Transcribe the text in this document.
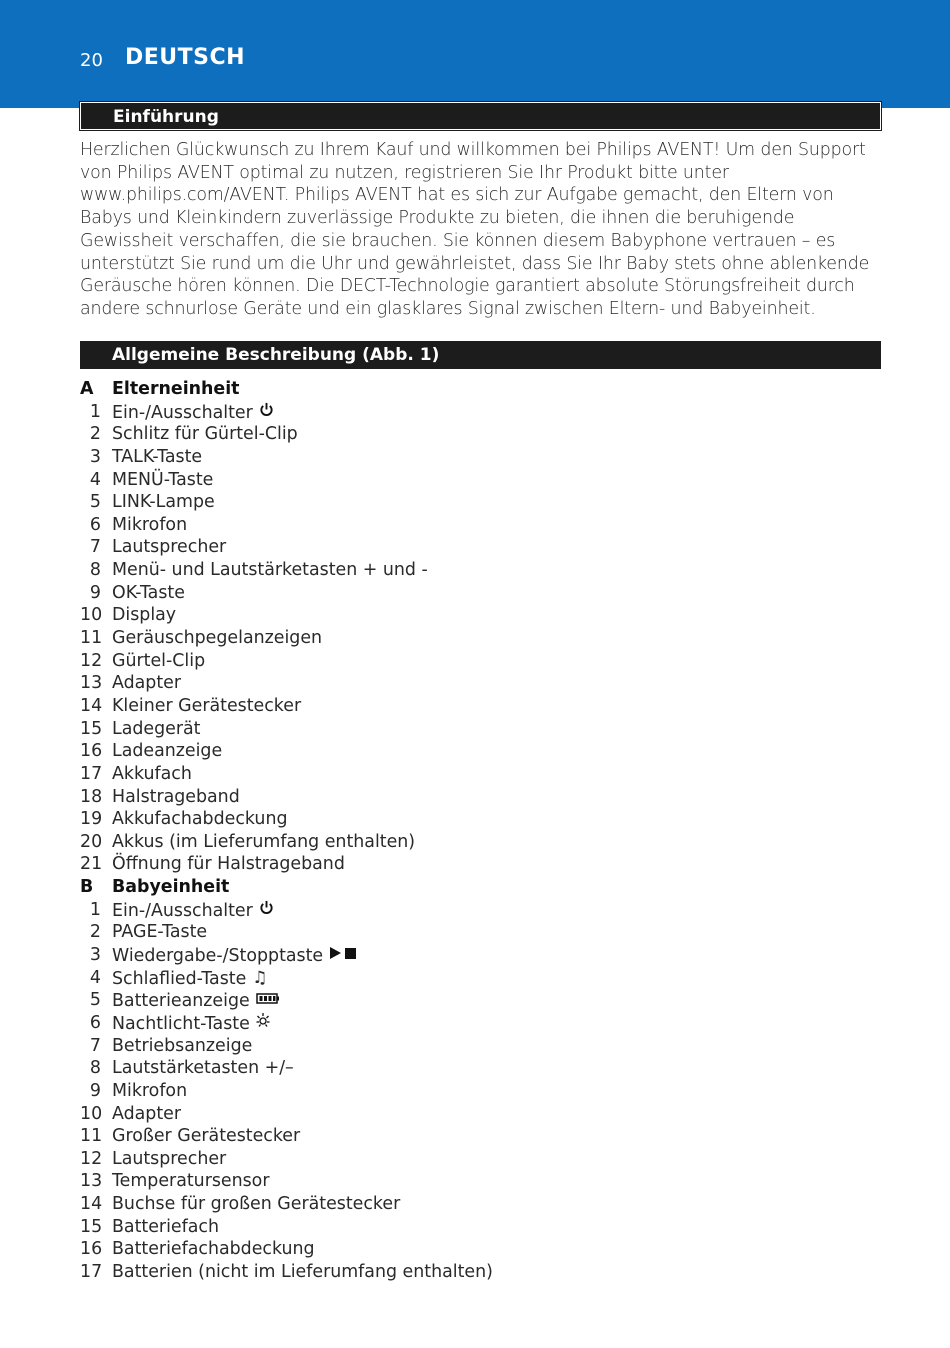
20 DEUTSCH
Einführung
Herzlichen Glückwunsch zu Ihrem Kauf und willkommen bei Philips AVENT! Um den Support von Philips AVENT optimal zu nutzen, registrieren Sie Ihr Produkt bitte unter www.philips.com/AVENT. Philips AVENT hat es sich zur Aufgabe gemacht, den Eltern von Babys und Kleinkindern zuverlässige Produkte zu bieten, die ihnen die beruhigende Gewissheit verschaffen, die sie brauchen. Sie können diesem Babyphone vertrauen – es unterstützt Sie rund um die Uhr und gewährleistet, dass Sie Ihr Baby stets ohne ablenkende Geräusche hören können. Die DECT-Technologie garantiert absolute Störungsfreiheit durch andere schnurlose Geräte und ein glasklares Signal zwischen Eltern- und Babyeinheit.
Allgemeine Beschreibung (Abb. 1)
A	Elterneinheit
1 Ein-/Ausschalter
2 Schlitz für Gürtel-Clip
3 TALK-Taste
4 MENÜ-Taste
5 LINK-Lampe
6 Mikrofon
7 Lautsprecher
8 Menü- und Lautstärketasten + und -
9 OK-Taste
10 Display
11 Geräuschpegelanzeigen
12 Gürtel-Clip
13 Adapter
14 Kleiner Gerätestecker
15 Ladegerät
16 Ladeanzeige
17 Akkufach
18 Halstrageband
19 Akkufachabdeckung
20 Akkus (im Lieferumfang enthalten)
21 Öffnung für Halstrageband
B	Babyeinheit
1 Ein-/Ausschalter
2 PAGE-Taste
3 Wiedergabe-/Stopptaste
4 Schlaflied-Taste ♫
5 Batterieanzeige
6 Nachtlicht-Taste
7 Betriebsanzeige
8 Lautstärketasten +/–
9 Mikrofon
10 Adapter
11 Großer Gerätestecker
12 Lautsprecher
13 Temperatursensor
14 Buchse für großen Gerätestecker
15 Batteriefach
16 Batteriefachabdeckung
17 Batterien (nicht im Lieferumfang enthalten)
